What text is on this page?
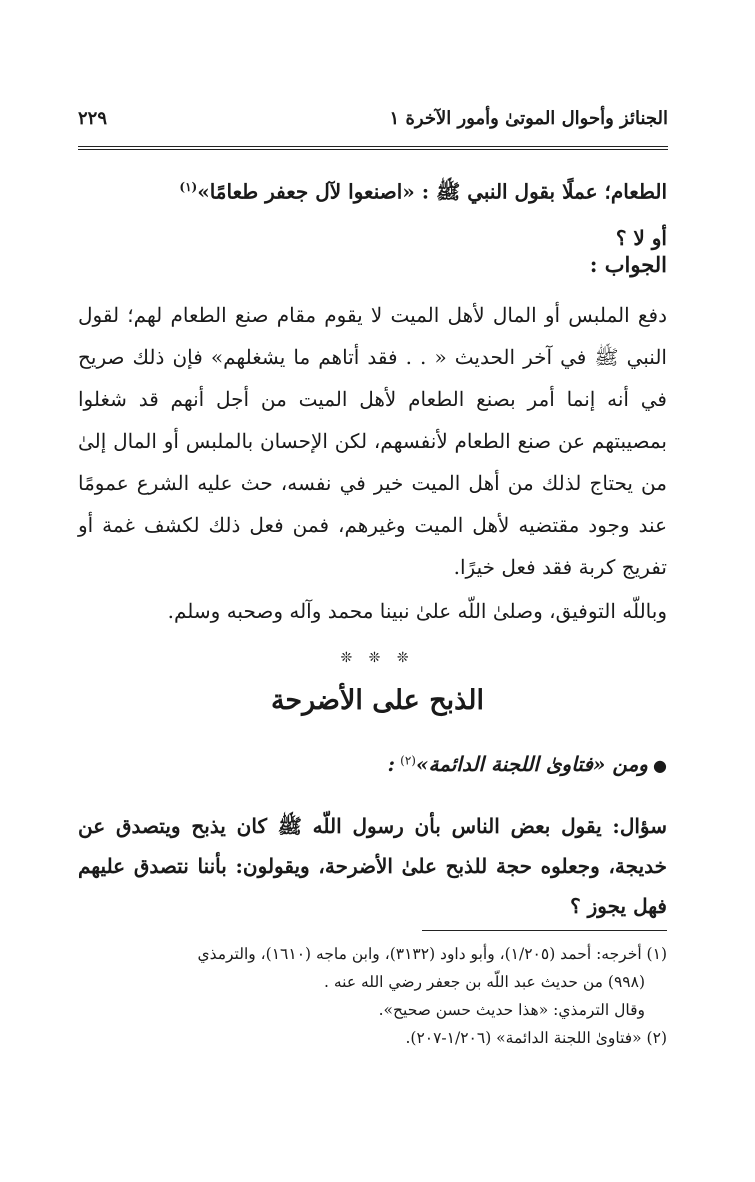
الجنائز وأحوال الموتىٰ وأمور الآخرة ١
٢٢٩
الطعام؛ عملًا بقول النبي ﷺ : «اصنعوا لآل جعفر طعامًا»$^{(١)}$
أو لا ؟
الجواب :
دفع الملبس أو المال لأهل الميت لا يقوم مقام صنع الطعام لهم؛ لقول النبي ﷺ في آخر الحديث « . . فقد أتاهم ما يشغلهم» فإن ذلك صريح في أنه إنما أمر بصنع الطعام لأهل الميت من أجل أنهم قد شغلوا بمصيبتهم عن صنع الطعام لأنفسهم، لكن الإحسان بالملبس أو المال إلىٰ من يحتاج لذلك من أهل الميت خير في نفسه، حث عليه الشرع عمومًا عند وجود مقتضيه لأهل الميت وغيرهم، فمن فعل ذلك لكشف غمة أو تفريج كربة فقد فعل خيرًا.
وباللّه التوفيق، وصلىٰ اللّه علىٰ نبينا محمد وآله وصحبه وسلم.
❊ ❊ ❊
الذبح على الأضرحة
● ومن «فتاوىٰ اللجنة الدائمة»$^{(٢)}$ :
سؤال: يقول بعض الناس بأن رسول اللّه ﷺ كان يذبح ويتصدق عن خديجة، وجعلوه حجة للذبح علىٰ الأضرحة، ويقولون: بأننا نتصدق عليهم فهل يجوز ؟
(١) أخرجه: أحمد (١/٢٠٥)، وأبو داود (٣١٣٢)، وابن ماجه (١٦١٠)، والترمذي
(٩٩٨) من حديث عبد اللّه بن جعفر رضي الله عنه .
وقال الترمذي: «هذا حديث حسن صحيح».
(٢) «فتاوىٰ اللجنة الدائمة» (١/٢٠٦-٢٠٧).
